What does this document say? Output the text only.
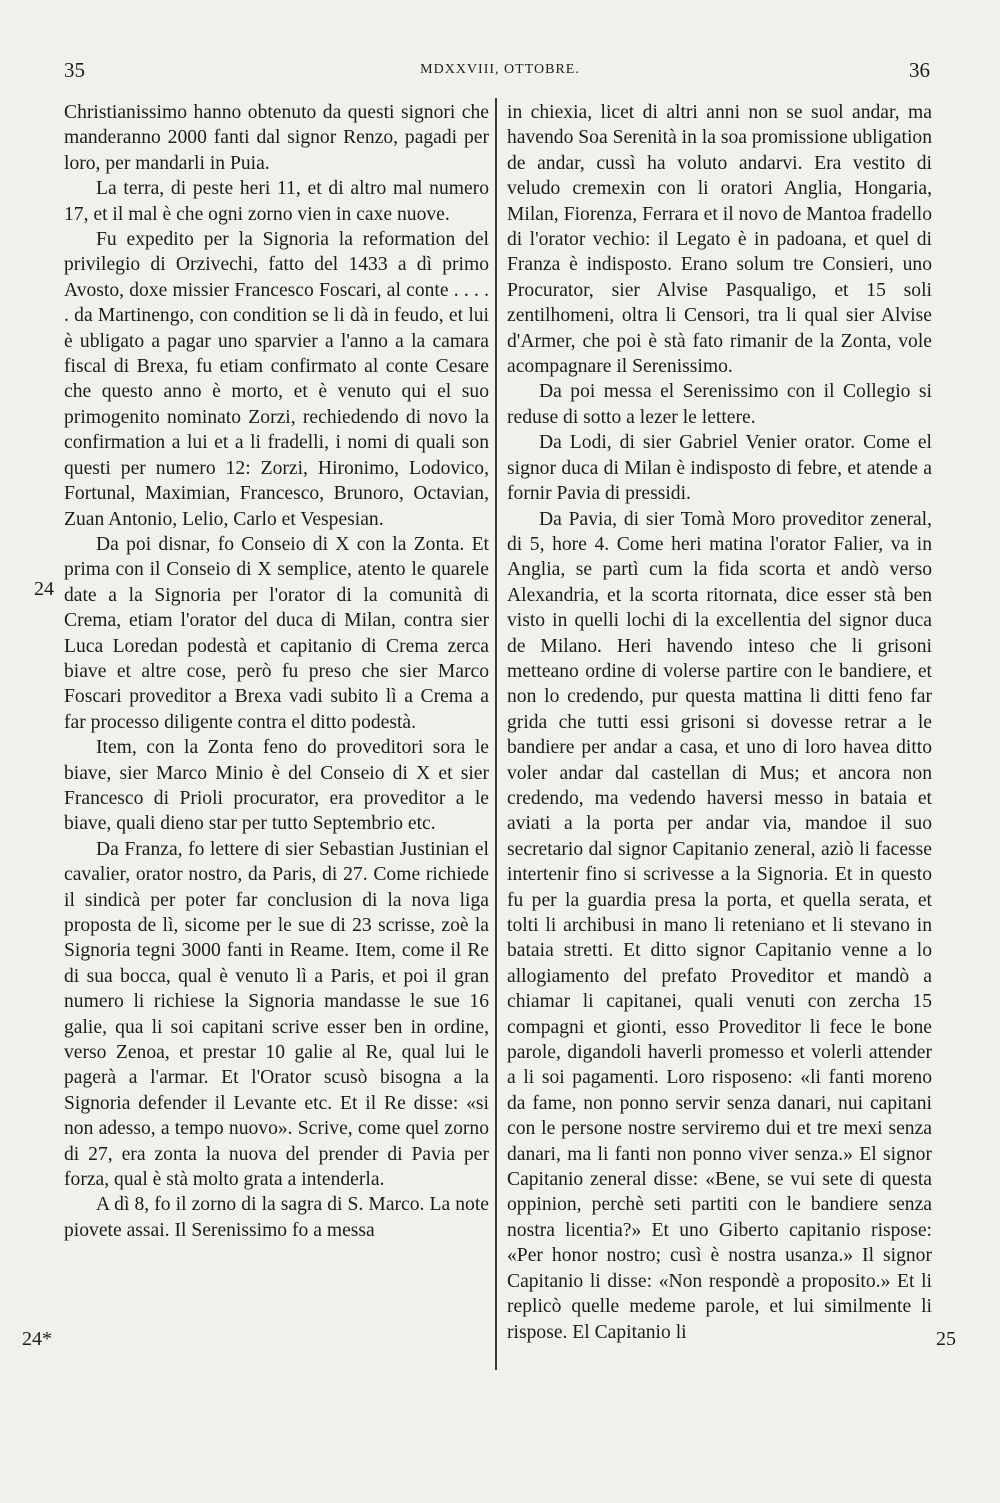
35	MDXXVIII, OTTOBRE.	36

Christianissimo hanno obtenuto da questi signori che manderanno 2000 fanti dal signor Renzo, pagadi per loro, per mandarli in Puia.

La terra, di peste heri 11, et di altro mal numero 17, et il mal è che ogni zorno vien in caxe nuove.

Fu expedito per la Signoria la reformation del privilegio di Orzivechi, fatto del 1433 a dì primo Avosto, doxe missier Francesco Foscari, al conte . . . . . da Martinengo, con condition se li dà in feudo, et lui è ubligato a pagar uno sparvier a l'anno a la camara fiscal di Brexa, fu etiam confirmato al conte Cesare che questo anno è morto, et è venuto qui el suo primogenito nominato Zorzi, rechiedendo di novo la confirmation a lui et a li fradelli, i nomi di quali son questi per numero 12: Zorzi, Hironimo, Lodovico, Fortunal, Maximian, Francesco, Brunoro, Octavian, Zuan Antonio, Lelio, Carlo et Vespesian.

Da poi disnar, fo Conseio di X con la Zonta. Et prima con il Conseio di X semplice, atento le quarele date a la Signoria per l'orator di la comunità di Crema, etiam l'orator del duca di Milan, contra sier Luca Loredan podestà et capitanio di Crema zerca biave et altre cose, però fu preso che sier Marco Foscari proveditor a Brexa vadi subito lì a Crema a far processo diligente contra el ditto podestà.

Item, con la Zonta feno do proveditori sora le biave, sier Marco Minio è del Conseio di X et sier Francesco di Prioli procurator, era proveditor a le biave, quali dieno star per tutto Septembrio etc.

Da Franza, fo lettere di sier Sebastian Justinian el cavalier, orator nostro, da Paris, di 27. Come richiede il sindicà per poter far conclusion di la nova liga proposta de lì, sicome per le sue di 23 scrisse, zoè la Signoria tegni 3000 fanti in Reame. Item, come il Re di sua bocca, qual è venuto lì a Paris, et poi il gran numero li richiese la Signoria mandasse le sue 16 galie, qua li soi capitani scrive esser ben in ordine, verso Zenoa, et prestar 10 galie al Re, qual lui le pagerà a l'armar. Et l'Orator scusò bisogna a la Signoria defender il Levante etc. Et il Re disse: «si non adesso, a tempo nuovo». Scrive, come quel zorno di 27, era zonta la nuova del prender di Pavia per forza, qual è stà molto grata a intenderla.

A dì 8, fo il zorno di la sagra di S. Marco. La note piovete assai. Il Serenissimo fo a messa

in chiexia, licet di altri anni non se suol andar, ma havendo Soa Serenità in la soa promissione ubligation de andar, cussì ha voluto andarvi. Era vestito di veludo cremexin con li oratori Anglia, Hongaria, Milan, Fiorenza, Ferrara et il novo de Mantoa fradello di l'orator vechio: il Legato è in padoana, et quel di Franza è indisposto. Erano solum tre Consieri, uno Procurator, sier Alvise Pasqualigo, et 15 soli zentilhomeni, oltra li Censori, tra li qual sier Alvise d'Armer, che poi è stà fato rimanir de la Zonta, vole acompagnare il Serenissimo.

Da poi messa el Serenissimo con il Collegio si reduse di sotto a lezer le lettere.

Da Lodi, di sier Gabriel Venier orator. Come el signor duca di Milan è indisposto di febre, et atende a fornir Pavia di pressidi.

Da Pavia, di sier Tomà Moro proveditor zeneral, di 5, hore 4. Come heri matina l'orator Falier, va in Anglia, se partì cum la fida scorta et andò verso Alexandria, et la scorta ritornata, dice esser stà ben visto in quelli lochi di la excellentia del signor duca de Milano. Heri havendo inteso che li grisoni metteano ordine di volerse partire con le bandiere, et non lo credendo, pur questa mattina li ditti feno far grida che tutti essi grisoni si dovesse retrar a le bandiere per andar a casa, et uno di loro havea ditto voler andar dal castellan di Mus; et ancora non credendo, ma vedendo haversi messo in bataia et aviati a la porta per andar via, mandoe il suo secretario dal signor Capitanio zeneral, aziò li facesse intertenir fino si scrivesse a la Signoria. Et in questo fu per la guardia presa la porta, et quella serata, et tolti li archibusi in mano li reteniano et li stevano in bataia stretti. Et ditto signor Capitanio venne a lo allogiamento del prefato Proveditor et mandò a chiamar li capitanei, quali venuti con zercha 15 compagni et gionti, esso Proveditor li fece le bone parole, digandoli haverli promesso et volerli attender a li soi pagamenti. Loro risposeno: «li fanti moreno da fame, non ponno servir senza danari, nui capitani con le persone nostre serviremo dui et tre mexi senza danari, ma li fanti non ponno viver senza.» El signor Capitanio zeneral disse: «Bene, se vui sete di questa oppinion, perchè seti partiti con le bandiere senza nostra licentia?» Et uno Giberto capitanio rispose: «Per honor nostro; cusì è nostra usanza.» Il signor Capitanio li disse: «Non respondè a proposito.» Et li replicò quelle medeme parole, et lui similmente li rispose. El Capitanio li

24
24*	25
